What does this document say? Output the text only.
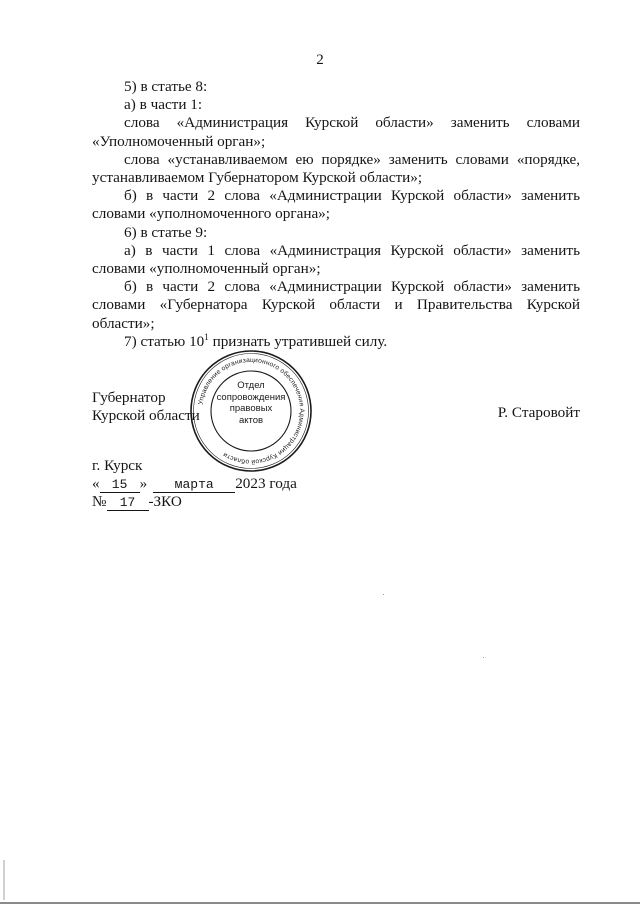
2

5) в статье 8:

а) в части 1:

слова «Администрация Курской области» заменить словами «Уполномоченный орган»;

слова «устанавливаемом ею порядке» заменить словами «порядке, устанавливаемом Губернатором Курской области»;

б) в части 2 слова «Администрации Курской области» заменить словами «уполномоченного органа»;

6) в статье 9:

а) в части 1 слова «Администрация Курской области» заменить словами «уполномоченный орган»;

б) в части 2 слова «Администрации Курской области» заменить словами «Губернатора Курской области и Правительства Курской области»;

7) статью $10^1$ признать утратившей силу.

Губернатор
Курской области	Р. Старовойт
Управление организационного обеспечения Администрации Курской области
Отдел
сопровождения
правовых
актов
г. Курск
« 15 » марта 2023 года
№ 17 -ЗКО
